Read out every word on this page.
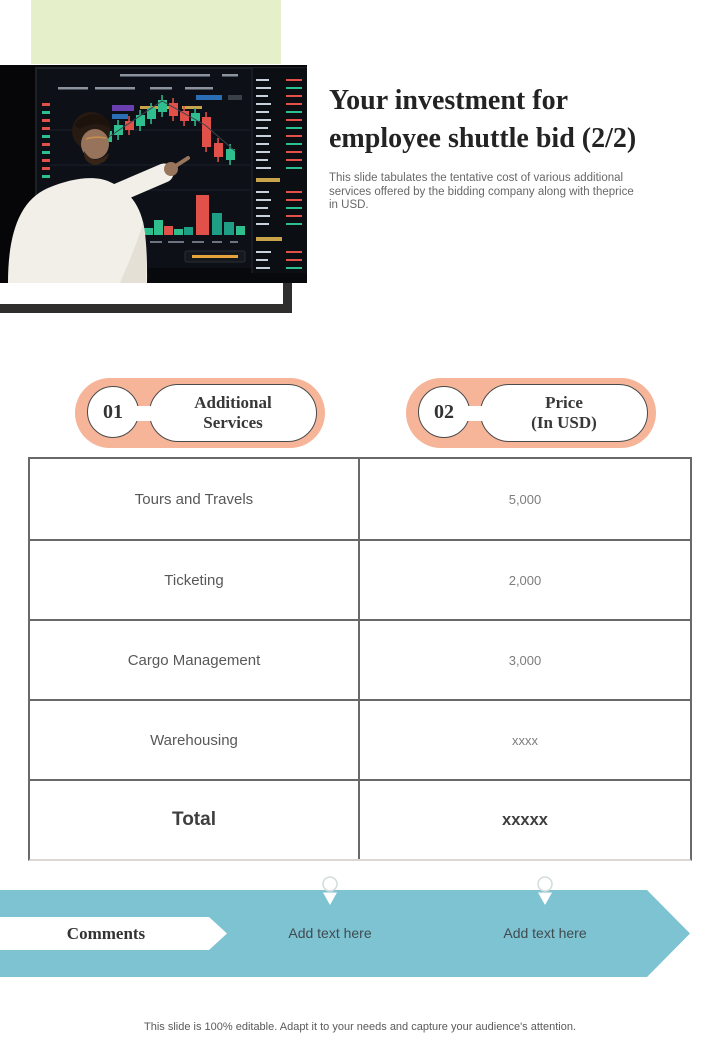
Your investment for
employee shuttle bid (2/2)
This slide tabulates the tentative cost of various additional
services offered by the bidding company along with theprice
in USD.
01	Additional
Services	02	Price
(In USD)
Tours and Travels	5,000
Ticketing	2,000
Cargo Management	3,000
Warehousing	xxxx
Total	xxxxx
Comments	Add text here	Add text here
This slide is 100% editable. Adapt it to your needs and capture your audience's attention.
